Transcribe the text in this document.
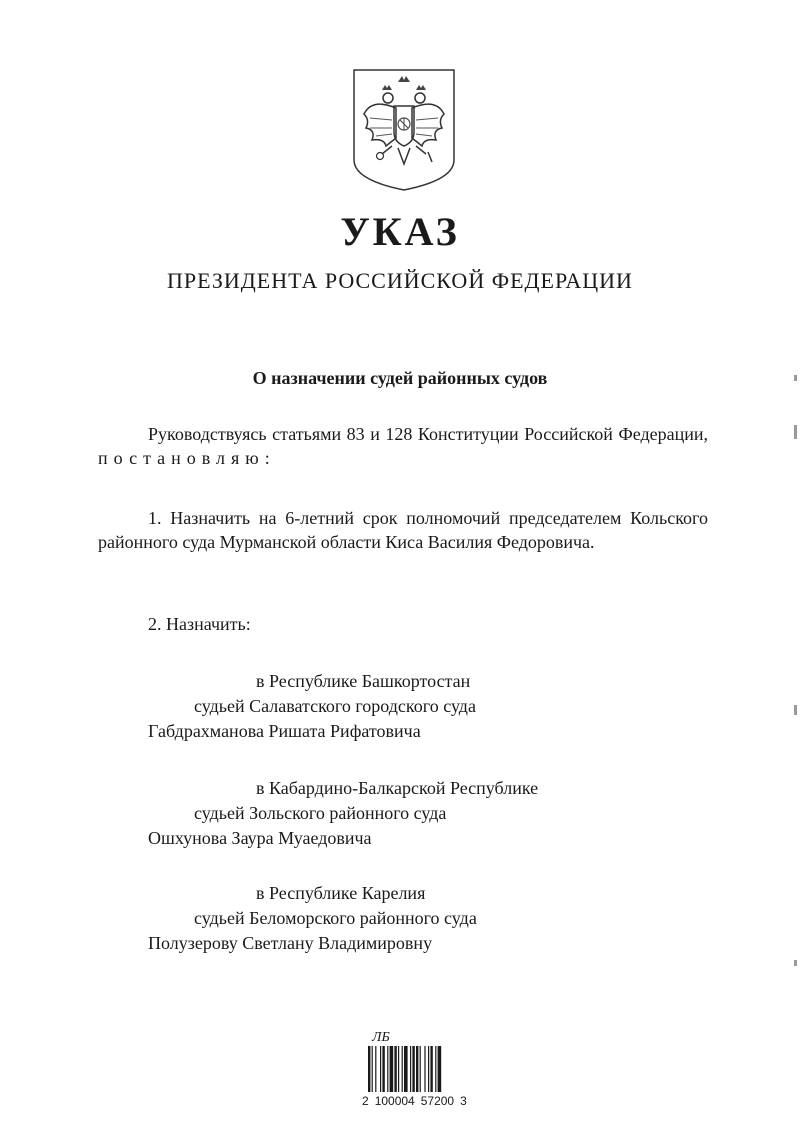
УКАЗ
ПРЕЗИДЕНТА РОССИЙСКОЙ ФЕДЕРАЦИИ
О назначении судей районных судов
Руководствуясь статьями 83 и 128 Конституции Российской Федерации, постановляю:
1. Назначить на 6-летний срок полномочий председателем Кольского районного суда Мурманской области Киса Василия Федоровича.
2. Назначить:
в Республике Башкортостан
судьей Салаватского городского суда
Габдрахманова Ришата Рифатовича
в Кабардино-Балкарской Республике
судьей Зольского районного суда
Ошхунова Заура Муаедовича
в Республике Карелия
судьей Беломорского районного суда
Полузерову Светлану Владимировну
ЛБ
2 100004 57200 3
